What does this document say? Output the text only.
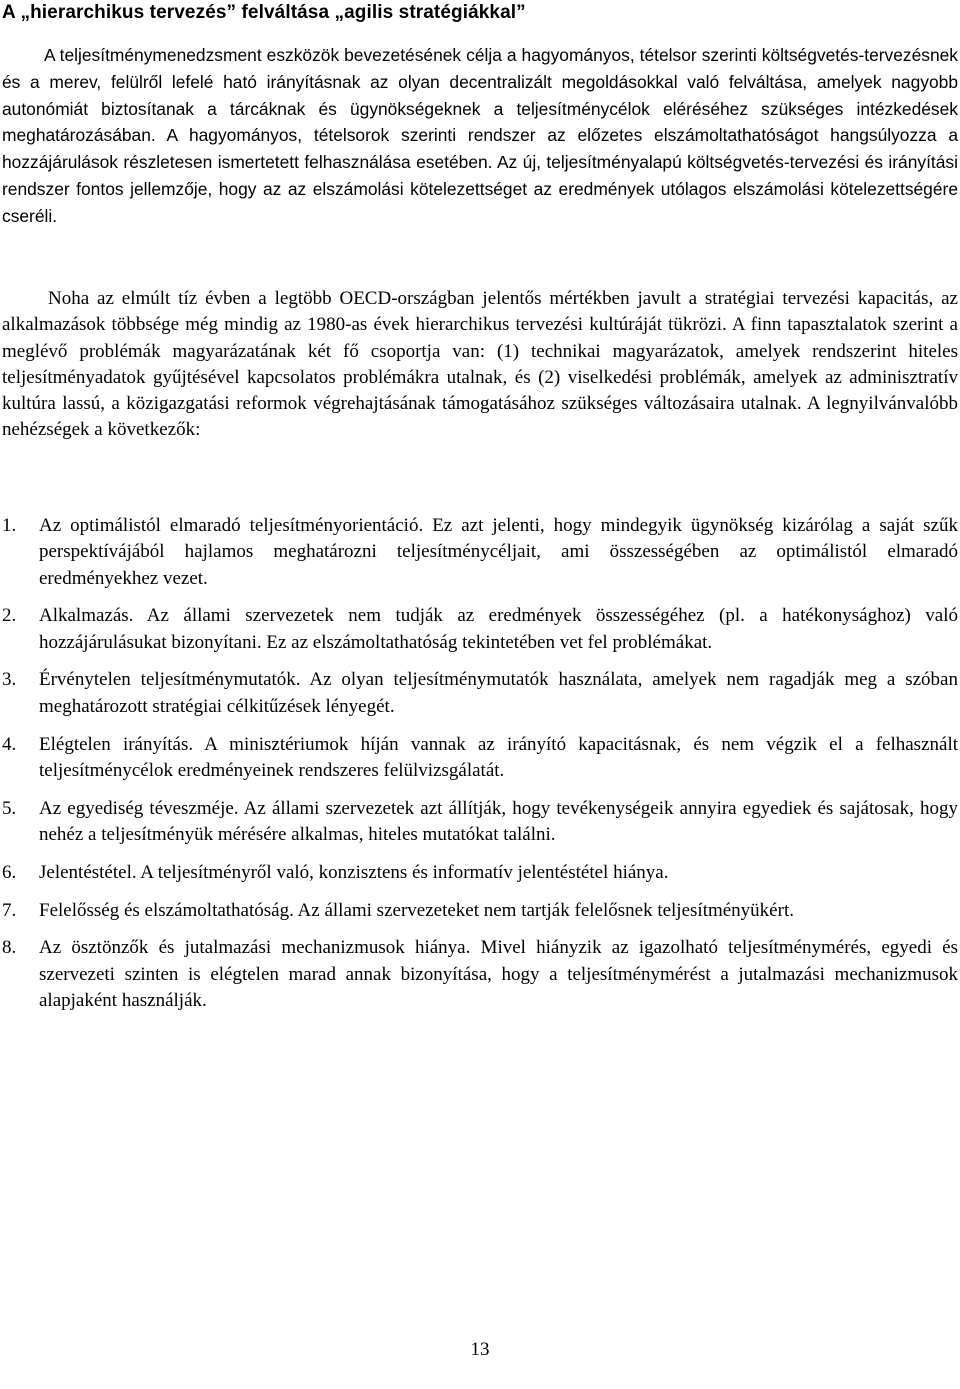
A „hierarchikus tervezés” felváltása „agilis stratégiákkal”

A teljesítménymenedzsment eszközök bevezetésének célja a hagyományos, tételsor szerinti költségvetés-tervezésnek és a merev, felülről lefelé ható irányításnak az olyan decentralizált megoldásokkal való felváltása, amelyek nagyobb autonómiát biztosítanak a tárcáknak és ügynökségeknek a teljesítménycélok eléréséhez szükséges intézkedések meghatározásában. A hagyományos, tételsorok szerinti rendszer az előzetes elszámoltathatóságot hangsúlyozza a hozzájárulások részletesen ismertetett felhasználása esetében. Az új, teljesítményalapú költségvetés-tervezési és irányítási rendszer fontos jellemzője, hogy az az elszámolási kötelezettséget az eredmények utólagos elszámolási kötelezettségére cseréli.

Noha az elmúlt tíz évben a legtöbb OECD-országban jelentős mértékben javult a stratégiai tervezési kapacitás, az alkalmazások többsége még mindig az 1980-as évek hierarchikus tervezési kultúráját tükrözi. A finn tapasztalatok szerint a meglévő problémák magyarázatának két fő csoportja van: (1) technikai magyarázatok, amelyek rendszerint hiteles teljesítményadatok gyűjtésével kapcsolatos problémákra utalnak, és (2) viselkedési problémák, amelyek az adminisztratív kultúra lassú, a közigazgatási reformok végrehajtásának támogatásához szükséges változásaira utalnak. A legnyilvánvalóbb nehézségek a következők:

1. Az optimálistól elmaradó teljesítményorientáció. Ez azt jelenti, hogy mindegyik ügynökség kizárólag a saját szűk perspektívájából hajlamos meghatározni teljesítménycéljait, ami összességében az optimálistól elmaradó eredményekhez vezet.
2. Alkalmazás. Az állami szervezetek nem tudják az eredmények összességéhez (pl. a hatékonysághoz) való hozzájárulásukat bizonyítani. Ez az elszámoltathatóság tekintetében vet fel problémákat.
3. Érvénytelen teljesítménymutatók. Az olyan teljesítménymutatók használata, amelyek nem ragadják meg a szóban meghatározott stratégiai célkitűzések lényegét.
4. Elégtelen irányítás. A minisztériumok híján vannak az irányító kapacitásnak, és nem végzik el a felhasznált teljesítménycélok eredményeinek rendszeres felülvizsgálatát.
5. Az egyediség téveszméje. Az állami szervezetek azt állítják, hogy tevékenységeik annyira egyediek és sajátosak, hogy nehéz a teljesítményük mérésére alkalmas, hiteles mutatókat találni.
6. Jelentéstétel. A teljesítményről való, konzisztens és informatív jelentéstétel hiánya.
7. Felelősség és elszámoltathatóság. Az állami szervezeteket nem tartják felelősnek teljesítményükért.
8. Az ösztönzők és jutalmazási mechanizmusok hiánya. Mivel hiányzik az igazolható teljesítménymérés, egyedi és szervezeti szinten is elégtelen marad annak bizonyítása, hogy a teljesítménymérést a jutalmazási mechanizmusok alapjaként használják.

13
